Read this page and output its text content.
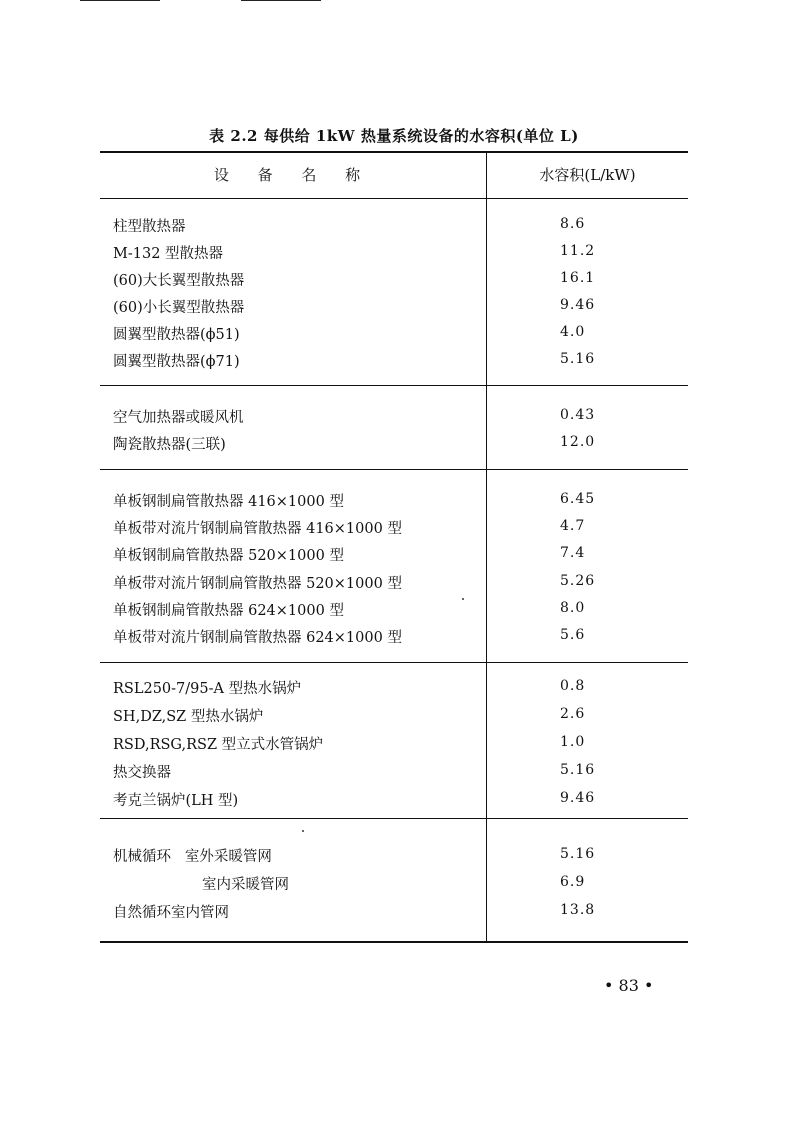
表 2.2 每供给 1kW 热量系统设备的水容积(单位 L)
设 备 名 称	水容积(L/kW)
柱型散热器	8.6
M-132 型散热器	11.2
(60)大长翼型散热器	16.1
(60)小长翼型散热器	9.46
圆翼型散热器(ϕ51)	4.0
圆翼型散热器(ϕ71)	5.16
空气加热器或暖风机	0.43
陶瓷散热器(三联)	12.0
单板钢制扁管散热器 416×1000 型	6.45
单板带对流片钢制扁管散热器 416×1000 型	4.7
单板钢制扁管散热器 520×1000 型	7.4
单板带对流片钢制扁管散热器 520×1000 型	5.26
单板钢制扁管散热器 624×1000 型	8.0
单板带对流片钢制扁管散热器 624×1000 型	5.6
RSL250-7/95-A 型热水锅炉	0.8
SH,DZ,SZ 型热水锅炉	2.6
RSD,RSG,RSZ 型立式水管锅炉	1.0
热交换器	5.16
考克兰锅炉(LH 型)	9.46
机械循环   室外采暖管网	5.16
室内采暖管网	6.9
自然循环室内管网	13.8
• 83 •
